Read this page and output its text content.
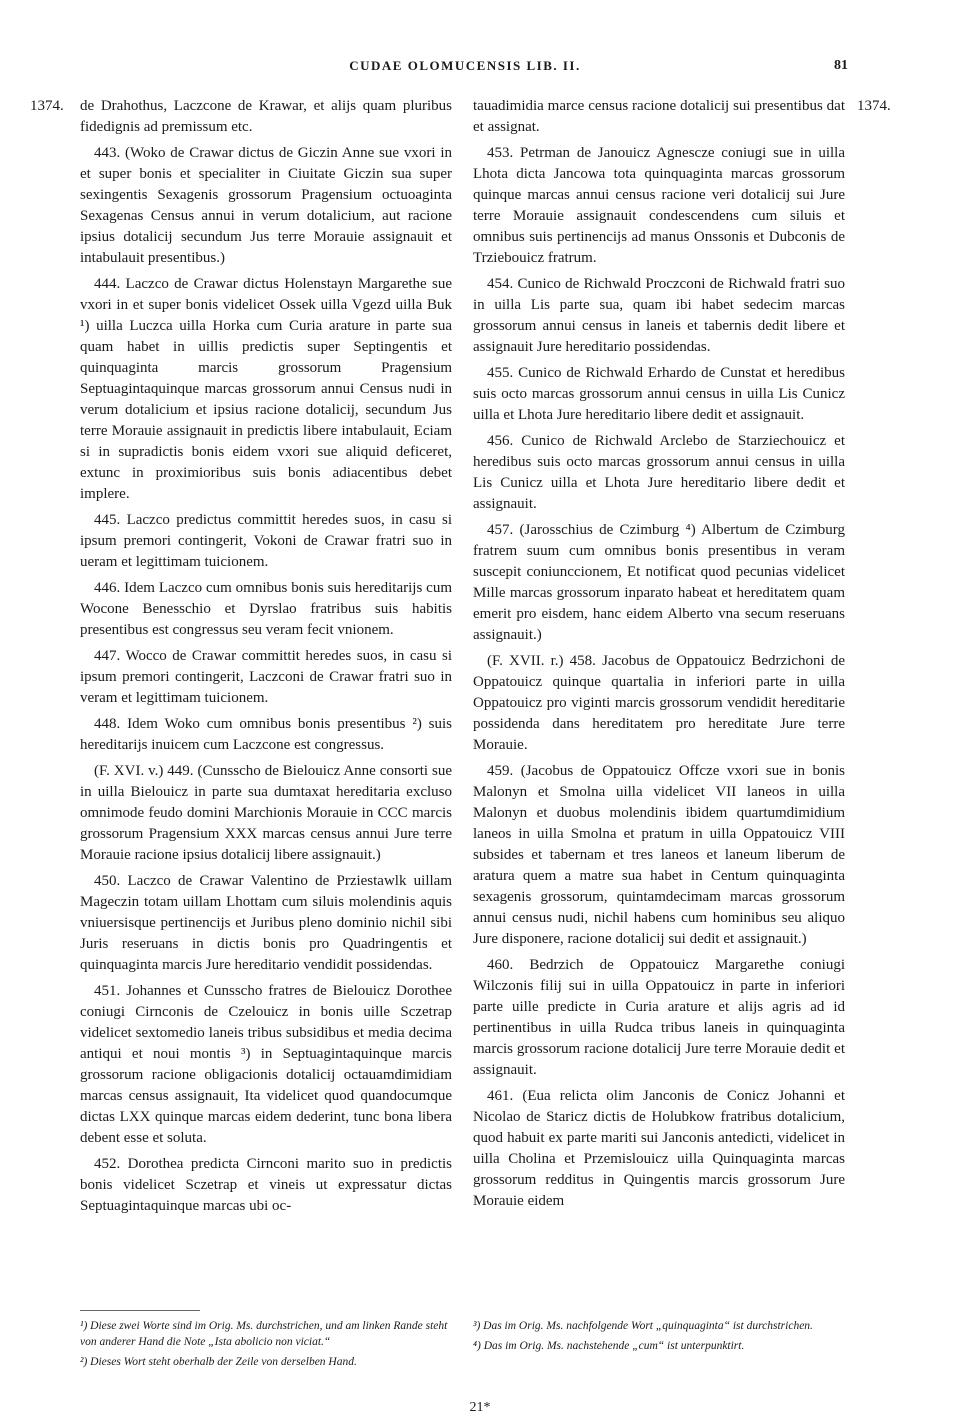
CUDAE OLOMUCENSIS LIB. II.	81
1374.	1374.

de Drahothus, Laczcone de Krawar, et alijs quam pluribus fidedignis ad premissum etc.

443. (Woko de Crawar dictus de Giczin Anne sue vxori in et super bonis et specialiter in Ciuitate Giczin sua super sexingentis Sexagenis grossorum Pragensium octuoaginta Sexagenas Census annui in verum dotalicium, aut racione ipsius dotalicij secundum Jus terre Morauie assignauit et intabulauit presentibus.)

444. Laczco de Crawar dictus Holenstayn Margarethe sue vxori in et super bonis videlicet Ossek uilla Vgezd uilla Buk ¹) uilla Luczca uilla Horka cum Curia arature in parte sua quam habet in uillis predictis super Septingentis et quinquaginta marcis grossorum Pragensium Septuagintaquinque marcas grossorum annui Census nudi in verum dotalicium et ipsius racione dotalicij, secundum Jus terre Morauie assignauit in predictis libere intabulauit, Eciam si in supradictis bonis eidem vxori sue aliquid deficeret, extunc in proximioribus suis bonis adiacentibus debet implere.

445. Laczco predictus committit heredes suos, in casu si ipsum premori contingerit, Vokoni de Crawar fratri suo in ueram et legittimam tuicionem.

446. Idem Laczco cum omnibus bonis suis hereditarijs cum Wocone Benesschio et Dyrslao fratribus suis habitis presentibus est congressus seu veram fecit vnionem.

447. Wocco de Crawar committit heredes suos, in casu si ipsum premori contingerit, Laczconi de Crawar fratri suo in veram et legittimam tuicionem.

448. Idem Woko cum omnibus bonis presentibus ²) suis hereditarijs inuicem cum Laczcone est congressus.

(F. XVI. v.) 449. (Cunsscho de Bielouicz Anne consorti sue in uilla Bielouicz in parte sua dumtaxat hereditaria excluso omnimode feudo domini Marchionis Morauie in CCC marcis grossorum Pragensium XXX marcas census annui Jure terre Morauie racione ipsius dotalicij libere assignauit.)

450. Laczco de Crawar Valentino de Prziestawlk uillam Mageczin totam uillam Lhottam cum siluis molendinis aquis vniuersisque pertinencijs et Juribus pleno dominio nichil sibi Juris reseruans in dictis bonis pro Quadringentis et quinquaginta marcis Jure hereditario vendidit possidendas.

451. Johannes et Cunsscho fratres de Bielouicz Dorothee coniugi Cirnconis de Czelouicz in bonis uille Sczetrap videlicet sextomedio laneis tribus subsidibus et media decima antiqui et noui montis ³) in Septuagintaquinque marcis grossorum racione obligacionis dotalicij octauamdimidiam marcas census assignauit, Ita videlicet quod quandocumque dictas LXX quinque marcas eidem dederint, tunc bona libera debent esse et soluta.

452. Dorothea predicta Cirnconi marito suo in predictis bonis videlicet Sczetrap et vineis ut expressatur dictas Septuagintaquinque marcas ubi oc-

tauadimidia marce census racione dotalicij sui presentibus dat et assignat.

453. Petrman de Janouicz Agnescze coniugi sue in uilla Lhota dicta Jancowa tota quinquaginta marcas grossorum quinque marcas annui census racione veri dotalicij sui Jure terre Morauie assignauit condescendens cum siluis et omnibus suis pertinencijs ad manus Onssonis et Dubconis de Trziebouicz fratrum.

454. Cunico de Richwald Proczconi de Richwald fratri suo in uilla Lis parte sua, quam ibi habet sedecim marcas grossorum annui census in laneis et tabernis dedit libere et assignauit Jure hereditario possidendas.

455. Cunico de Richwald Erhardo de Cunstat et heredibus suis octo marcas grossorum annui census in uilla Lis Cunicz uilla et Lhota Jure hereditario libere dedit et assignauit.

456. Cunico de Richwald Arclebo de Starziechouicz et heredibus suis octo marcas grossorum annui census in uilla Lis Cunicz uilla et Lhota Jure hereditario libere dedit et assignauit.

457. (Jarosschius de Czimburg ⁴) Albertum de Czimburg fratrem suum cum omnibus bonis presentibus in veram suscepit coniunccionem, Et notificat quod pecunias videlicet Mille marcas grossorum inparato habeat et hereditatem quam emerit pro eisdem, hanc eidem Alberto vna secum reseruans assignauit.)

(F. XVII. r.) 458. Jacobus de Oppatouicz Bedrzichoni de Oppatouicz quinque quartalia in inferiori parte in uilla Oppatouicz pro viginti marcis grossorum vendidit hereditarie possidenda dans hereditatem pro hereditate Jure terre Morauie.

459. (Jacobus de Oppatouicz Offcze vxori sue in bonis Malonyn et Smolna uilla videlicet VII laneos in uilla Malonyn et duobus molendinis ibidem quartumdimidium laneos in uilla Smolna et pratum in uilla Oppatouicz VIII subsides et tabernam et tres laneos et laneum liberum de aratura quem a matre sua habet in Centum quinquaginta sexagenis grossorum, quintamdecimam marcas grossorum annui census nudi, nichil habens cum hominibus seu aliquo Jure disponere, racione dotalicij sui dedit et assignauit.)

460. Bedrzich de Oppatouicz Margarethe coniugi Wilczonis filij sui in uilla Oppatouicz in parte in inferiori parte uille predicte in Curia arature et alijs agris ad id pertinentibus in uilla Rudca tribus laneis in quinquaginta marcis grossorum racione dotalicij Jure terre Morauie dedit et assignauit.

461. (Eua relicta olim Janconis de Conicz Johanni et Nicolao de Staricz dictis de Holubkow fratribus dotalicium, quod habuit ex parte mariti sui Janconis antedicti, videlicet in uilla Cholina et Przemislouicz uilla Quinquaginta marcas grossorum redditus in Quingentis marcis grossorum Jure Morauie eidem

¹) Diese zwei Worte sind im Orig. Ms. durchstrichen, und am linken Rande steht von anderer Hand die Note „Ista abolicio non viciat.“

²) Dieses Wort steht oberhalb der Zeile von derselben Hand.

³) Das im Orig. Ms. nachfolgende Wort „quinquaginta“ ist durchstrichen.

⁴) Das im Orig. Ms. nachstehende „cum“ ist unterpunktirt.

21*
